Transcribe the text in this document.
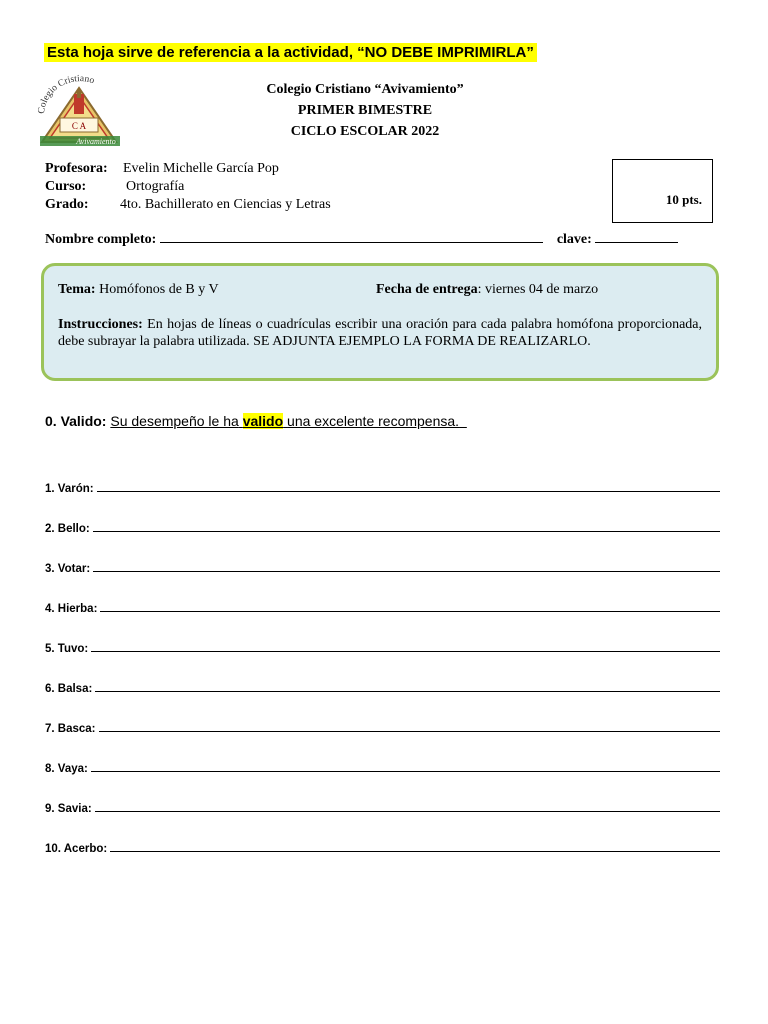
Esta hoja sirve de referencia a la actividad, “NO DEBE IMPRIMIRLA”
Colegio Cristiano
C A
Avivamiento
Colegio Cristiano “Avivamiento”
PRIMER BIMESTRE
CICLO ESCOLAR 2022
Profesora: Evelin Michelle García Pop
Curso:	Ortografía
Grado: 4to. Bachillerato en Ciencias y Letras	10 pts.
Nombre completo:	clave:
Tema: Homófonos de B y V	Fecha de entrega: viernes 04 de marzo
Instrucciones: En hojas de líneas o cuadrículas escribir una oración para cada palabra homófona proporcionada, debe subrayar la palabra utilizada. SE ADJUNTA EJEMPLO LA FORMA DE REALIZARLO.
0. Valido: Su desempeño le ha valido una excelente recompensa.
1. Varón:
2. Bello:
3. Votar:
4. Hierba:
5. Tuvo:
6. Balsa:
7. Basca:
8. Vaya:
9. Savia:
10. Acerbo:
